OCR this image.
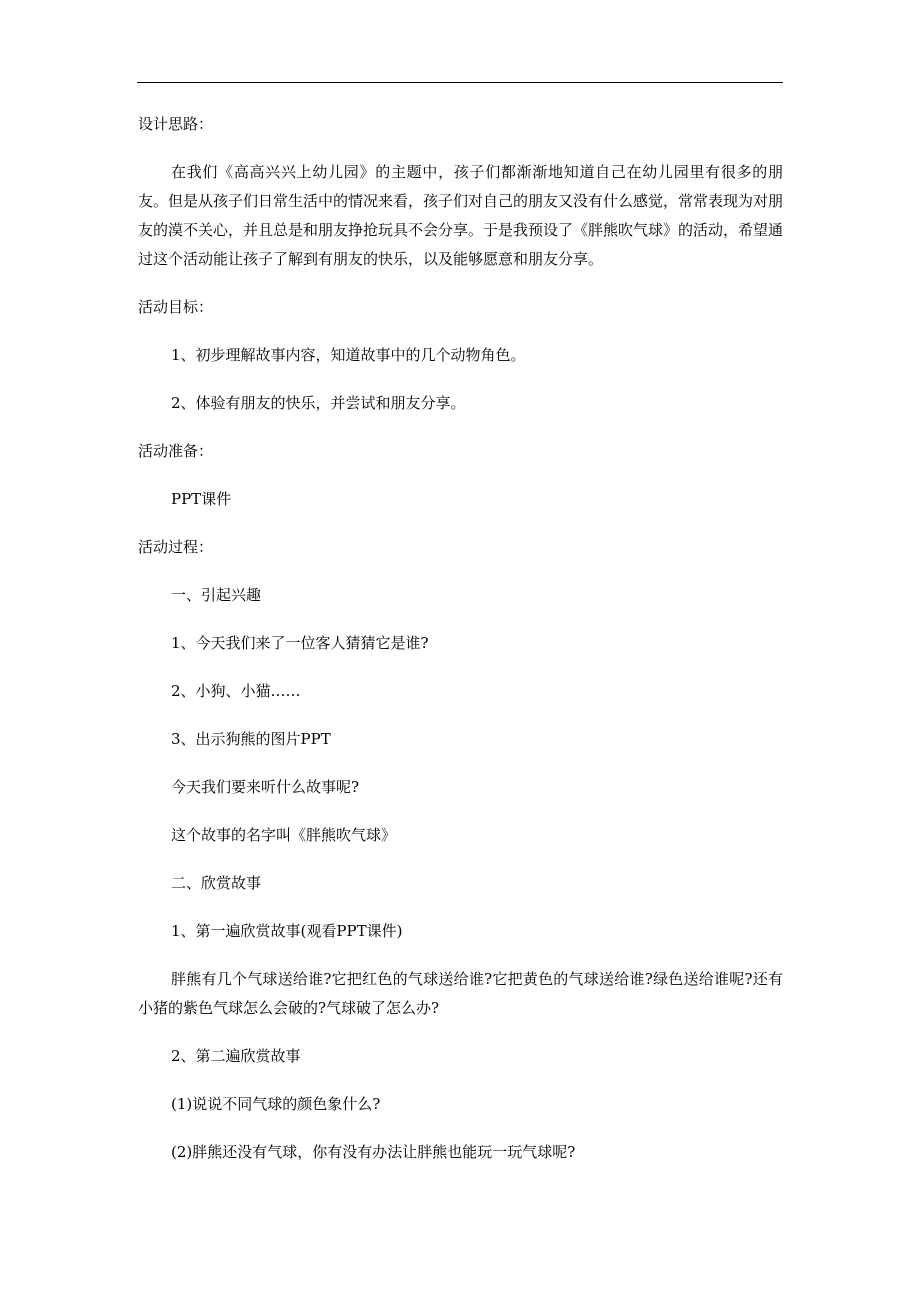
设计思路：

在我们《高高兴兴上幼儿园》的主题中，孩子们都渐渐地知道自己在幼儿园里有很多的朋友。但是从孩子们日常生活中的情况来看，孩子们对自己的朋友又没有什么感觉，常常表现为对朋友的漠不关心，并且总是和朋友挣抢玩具不会分享。于是我预设了《胖熊吹气球》的活动，希望通过这个活动能让孩子了解到有朋友的快乐，以及能够愿意和朋友分享。

活动目标：

1、初步理解故事内容，知道故事中的几个动物角色。

2、体验有朋友的快乐，并尝试和朋友分享。

活动准备：

PPT课件

活动过程：

一、引起兴趣

1、今天我们来了一位客人猜猜它是谁?

2、小狗、小猫……

3、出示狗熊的图片PPT

今天我们要来听什么故事呢?

这个故事的名字叫《胖熊吹气球》

二、欣赏故事

1、第一遍欣赏故事(观看PPT课件)

胖熊有几个气球送给谁?它把红色的气球送给谁?它把黄色的气球送给谁?绿色送给谁呢?还有小猪的紫色气球怎么会破的?气球破了怎么办?

2、第二遍欣赏故事

(1)说说不同气球的颜色象什么?

(2)胖熊还没有气球，你有没有办法让胖熊也能玩一玩气球呢?
